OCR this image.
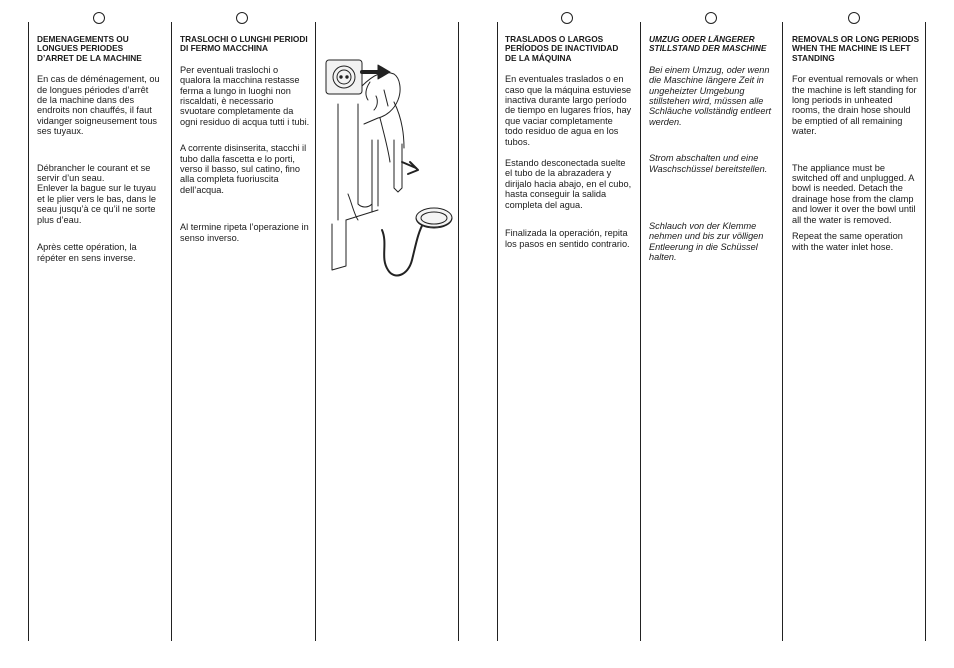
DEMENAGEMENTS OU LONGUES PERIODES D’ARRET DE LA MACHINE

En cas de déménagement, ou de longues périodes d’arrêt de la machine dans des endroits non chauffés, il faut vidanger soigneusement tous ses tuyaux.

Débrancher le courant et se servir d’un seau.
Enlever la bague sur le tuyau et le plier vers le bas, dans le seau jusqu’à ce qu’il ne sorte plus d’eau.

Après cette opération, la répéter en sens inverse.

TRASLOCHI O LUNGHI PERIODI DI FERMO MACCHINA

Per eventuali traslochi o qualora la macchina restasse ferma a lungo in luoghi non riscaldati, è necessario svuotare completamente da ogni residuo di acqua tutti i tubi.

A corrente disinserita, stacchi il tubo dalla fascetta e lo porti, verso il basso, sul catino, fino alla completa fuoriuscita dell’acqua.

Al termine ripeta l’operazione in senso inverso.

TRASLADOS O LARGOS PERÍODOS DE INACTIVIDAD DE LA MÁQUINA

En eventuales traslados o en caso que la máquina estuviese inactiva durante largo período de tiempo en lugares fríos, hay que vaciar completamente todo residuo de agua en los tubos.

Estando desconectada suelte el tubo de la abrazadera y dirijalo hacia abajo, en el cubo, hasta conseguir la salida completa del agua.

Finalizada la operación, repita los pasos en sentido contrario.

UMZUG ODER LÄNGERER STILLSTAND DER MASCHINE

Bei einem Umzug, oder wenn die Maschine längere Zeit in ungeheizter Umgebung stillstehen wird, müssen alle Schläuche vollständig entleert werden.

Strom abschalten und eine Waschschüssel bereitstellen.

Schlauch von der Klemme nehmen und bis zur völligen Entleerung in die Schüssel halten.

REMOVALS OR LONG PERIODS WHEN THE MACHINE IS LEFT STANDING

For eventual removals or when the machine is left standing for long periods in unheated rooms, the drain hose should be emptied of all remaining water.

The appliance must be switched off and unplugged. A bowl is needed. Detach the drainage hose from the clamp and lower it over the bowl until all the water is removed.

Repeat the same operation with the water inlet hose.
